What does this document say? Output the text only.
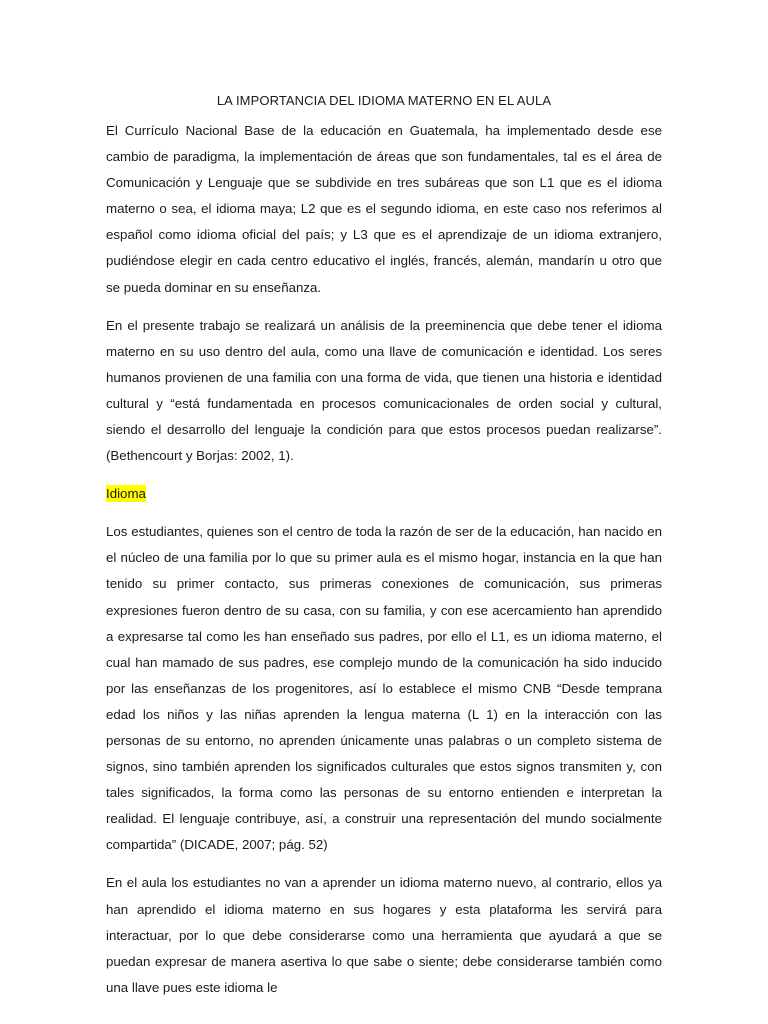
LA IMPORTANCIA DEL IDIOMA MATERNO EN EL AULA

El Currículo Nacional Base de la educación en Guatemala, ha implementado desde ese cambio de paradigma, la implementación de áreas que son fundamentales, tal es el área de Comunicación y Lenguaje que se subdivide en tres subáreas que son L1 que es el idioma materno o sea, el idioma maya; L2 que es el segundo idioma, en este caso nos referimos al español como idioma oficial del país; y L3 que es el aprendizaje de un idioma extranjero, pudiéndose elegir en cada centro educativo el inglés, francés, alemán, mandarín u otro que se pueda dominar en su enseñanza.

En el presente trabajo se realizará un análisis de la preeminencia que debe tener el idioma materno en su uso dentro del aula, como una llave de comunicación e identidad. Los seres humanos provienen de una familia con una forma de vida, que tienen una historia e identidad cultural y “está fundamentada en procesos comunicacionales de orden social y cultural, siendo el desarrollo del lenguaje la condición para que estos procesos puedan realizarse”. (Bethencourt y Borjas: 2002, 1).

Idioma

Los estudiantes, quienes son el centro de toda la razón de ser de la educación, han nacido en el núcleo de una familia por lo que su primer aula es el mismo hogar, instancia en la que han tenido su primer contacto, sus primeras conexiones de comunicación, sus primeras expresiones fueron dentro de su casa, con su familia, y con ese acercamiento han aprendido a expresarse tal como les han enseñado sus padres, por ello el L1, es un idioma materno, el cual han mamado de sus padres, ese complejo mundo de la comunicación ha sido inducido por las enseñanzas de los progenitores, así lo establece el mismo CNB “Desde temprana edad los niños y las niñas aprenden la lengua materna (L 1) en la interacción con las personas de su entorno, no aprenden únicamente unas palabras o un completo sistema de signos, sino también aprenden los significados culturales que estos signos transmiten y, con tales significados, la forma como las personas de su entorno entienden e interpretan la realidad. El lenguaje contribuye, así, a construir una representación del mundo socialmente compartida” (DICADE, 2007; pág. 52)

En el aula los estudiantes no van a aprender un idioma materno nuevo, al contrario, ellos ya han aprendido el idioma materno en sus hogares y esta plataforma les servirá para interactuar, por lo que debe considerarse como una herramienta que ayudará a que se puedan expresar de manera asertiva lo que sabe o siente; debe considerarse también como una llave pues este idioma le
